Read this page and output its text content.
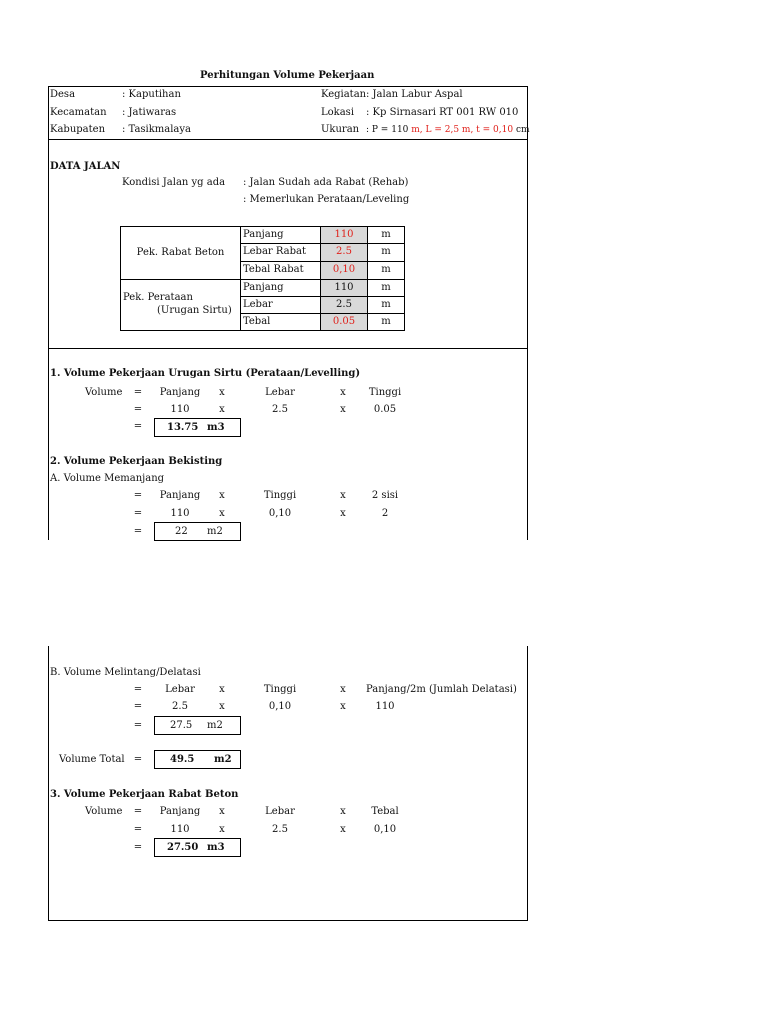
Perhitungan Volume Pekerjaan
Desa	: Kaputihan
Kecamatan : Jatiwaras
Kabupaten : Tasikmalaya
Kegiatan : Jalan Labur Aspal
Lokasi : Kp Sirnasari RT 001 RW 010
Ukuran : P = 110 m, L = 2,5 m, t = 0,10 cm
DATA JALAN
Kondisi Jalan yg ada : Jalan Sudah ada Rabat (Rehab)
: Memerlukan Perataan/Leveling
Pek. Rabat Beton
Pek. Perataan
(Urugan Sirtu)
Panjang	110	m
Lebar Rabat	2.5	m
Tebal Rabat	0,10	m
Panjang	110	m
Lebar	2.5	m
Tebal	0.05	m
1. Volume Pekerjaan Urugan Sirtu (Perataan/Levelling)
Volume =	Panjang	x	Lebar	x	Tinggi
=	110	x	2.5	x	0.05
= 13.75 m3
2. Volume Pekerjaan Bekisting
A. Volume Memanjang
=	Panjang	x	Tinggi	x	2 sisi
=	110	x	0,10	x	2
=	22 m2
B. Volume Melintang/Delatasi
=	Lebar	x	Tinggi	x	Panjang/2m (Jumlah Delatasi)
=	2.5	x	0,10	x	110
=	27.5 m2
Volume Total =	49.5 m2
3. Volume Pekerjaan Rabat Beton
Volume =	Panjang	x	Lebar	x	Tebal
=	110	x	2.5	x	0,10
= 27.50 m3
